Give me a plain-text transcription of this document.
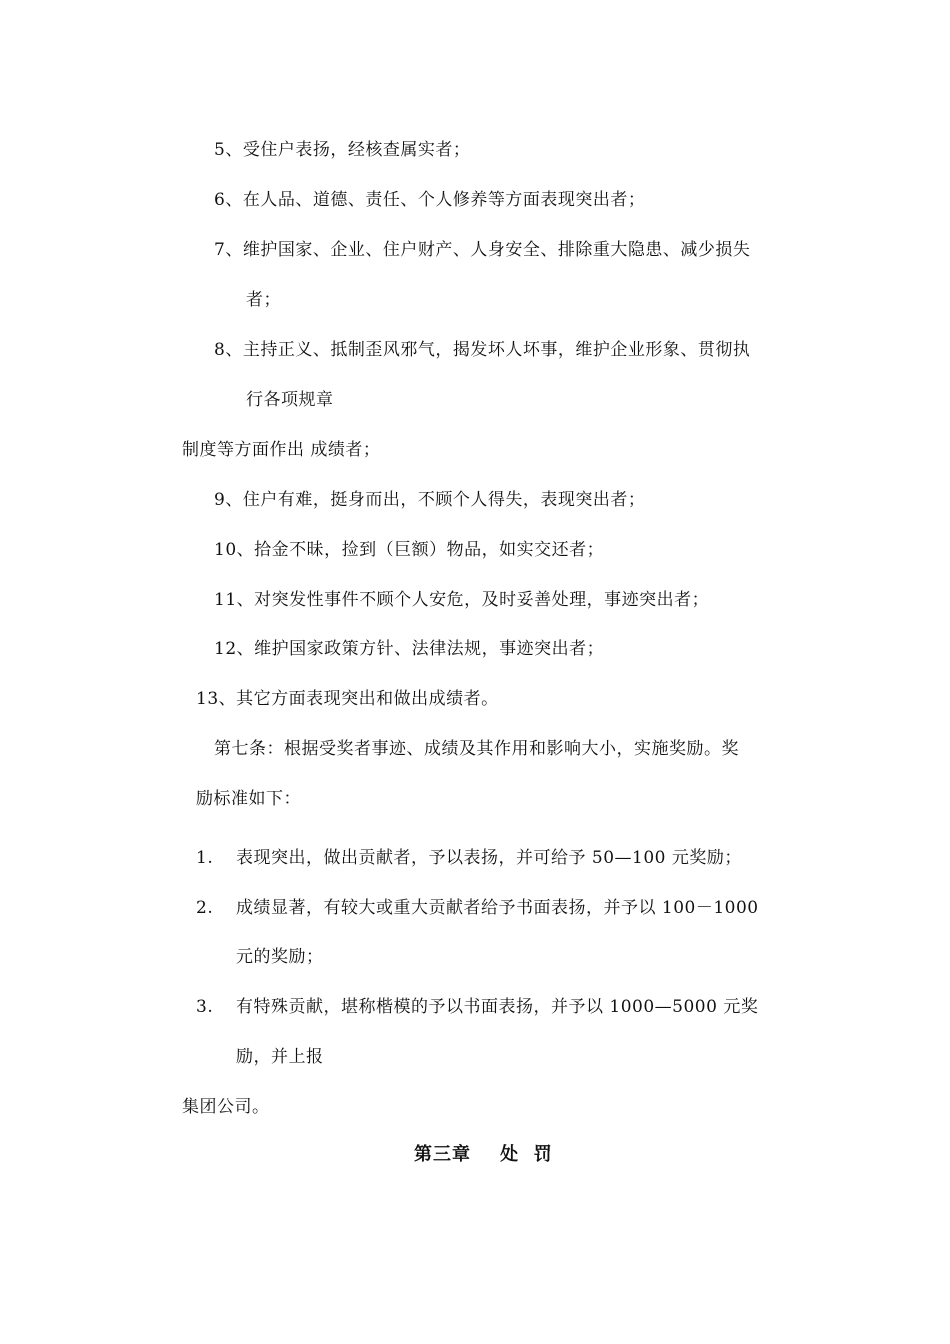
5、受住户表扬，经核查属实者；
6、在人品、道德、责任、个人修养等方面表现突出者；
7、维护国家、企业、住户财产、人身安全、排除重大隐患、减少损失
者；
8、主持正义、抵制歪风邪气，揭发坏人坏事，维护企业形象、贯彻执
行各项规章
制度等方面作出 成绩者；
9、住户有难，挺身而出，不顾个人得失，表现突出者；
10、拾金不昧，捡到（巨额）物品，如实交还者；
11、对突发性事件不顾个人安危，及时妥善处理，事迹突出者；
12、维护国家政策方针、法律法规，事迹突出者；
13、其它方面表现突出和做出成绩者。
第七条：根据受奖者事迹、成绩及其作用和影响大小，实施奖励。奖
励标准如下：
1. 表现突出，做出贡献者，予以表扬，并可给予 50—100 元奖励；
2. 成绩显著，有较大或重大贡献者给予书面表扬，并予以 100－1000
元的奖励；
3. 有特殊贡献，堪称楷模的予以书面表扬，并予以 1000—5000 元奖
励，并上报
集团公司。
第三章    处  罚
